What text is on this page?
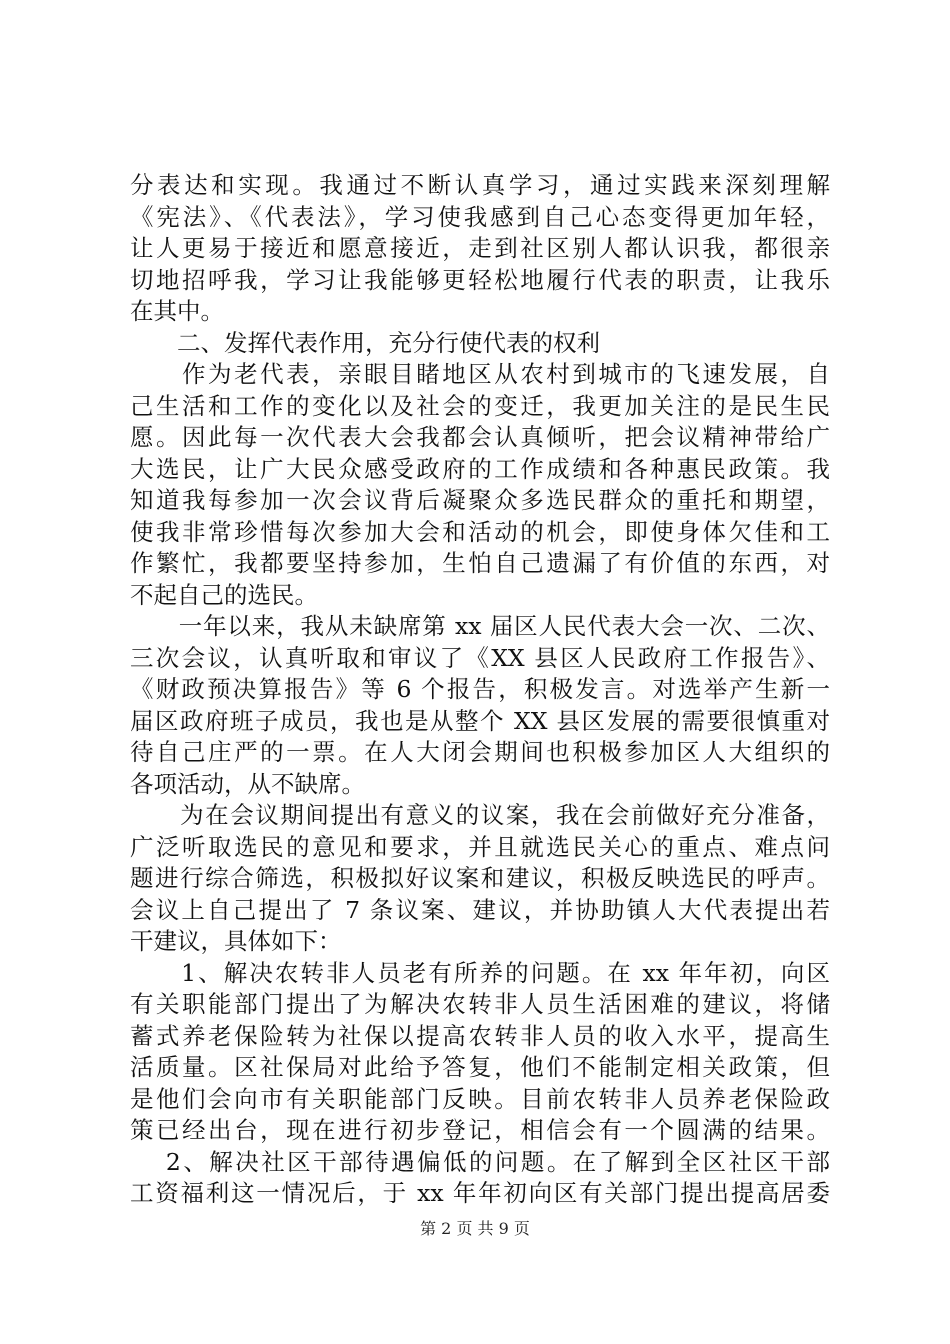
分表达和实现。我通过不断认真学习，通过实践来深刻理解
《宪法》、《代表法》，学习使我感到自己心态变得更加年轻，
让人更易于接近和愿意接近，走到社区别人都认识我，都很亲
切地招呼我，学习让我能够更轻松地履行代表的职责，让我乐
在其中。
　　二、发挥代表作用，充分行使代表的权利
　　作为老代表，亲眼目睹地区从农村到城市的飞速发展，自
己生活和工作的变化以及社会的变迁，我更加关注的是民生民
愿。因此每一次代表大会我都会认真倾听，把会议精神带给广
大选民，让广大民众感受政府的工作成绩和各种惠民政策。我
知道我每参加一次会议背后凝聚众多选民群众的重托和期望，
使我非常珍惜每次参加大会和活动的机会，即使身体欠佳和工
作繁忙，我都要坚持参加，生怕自己遗漏了有价值的东西，对
不起自己的选民。
　　一年以来，我从未缺席第 xx 届区人民代表大会一次、二次、
三次会议，认真听取和审议了《XX 县区人民政府工作报告》、
《财政预决算报告》等 6 个报告，积极发言。对选举产生新一
届区政府班子成员，我也是从整个 XX 县区发展的需要很慎重对
待自己庄严的一票。在人大闭会期间也积极参加区人大组织的
各项活动，从不缺席。
　　为在会议期间提出有意义的议案，我在会前做好充分准备，
广泛听取选民的意见和要求，并且就选民关心的重点、难点问
题进行综合筛选，积极拟好议案和建议，积极反映选民的呼声。
会议上自己提出了 7 条议案、建议，并协助镇人大代表提出若
干建议，具体如下：
　　1、解决农转非人员老有所养的问题。在 xx 年年初，向区
有关职能部门提出了为解决农转非人员生活困难的建议，将储
蓄式养老保险转为社保以提高农转非人员的收入水平，提高生
活质量。区社保局对此给予答复，他们不能制定相关政策，但
是他们会向市有关职能部门反映。目前农转非人员养老保险政
策已经出台，现在进行初步登记，相信会有一个圆满的结果。
　 2、解决社区干部待遇偏低的问题。在了解到全区社区干部
工资福利这一情况后，于 xx 年年初向区有关部门提出提高居委
第 2 页 共 9 页
